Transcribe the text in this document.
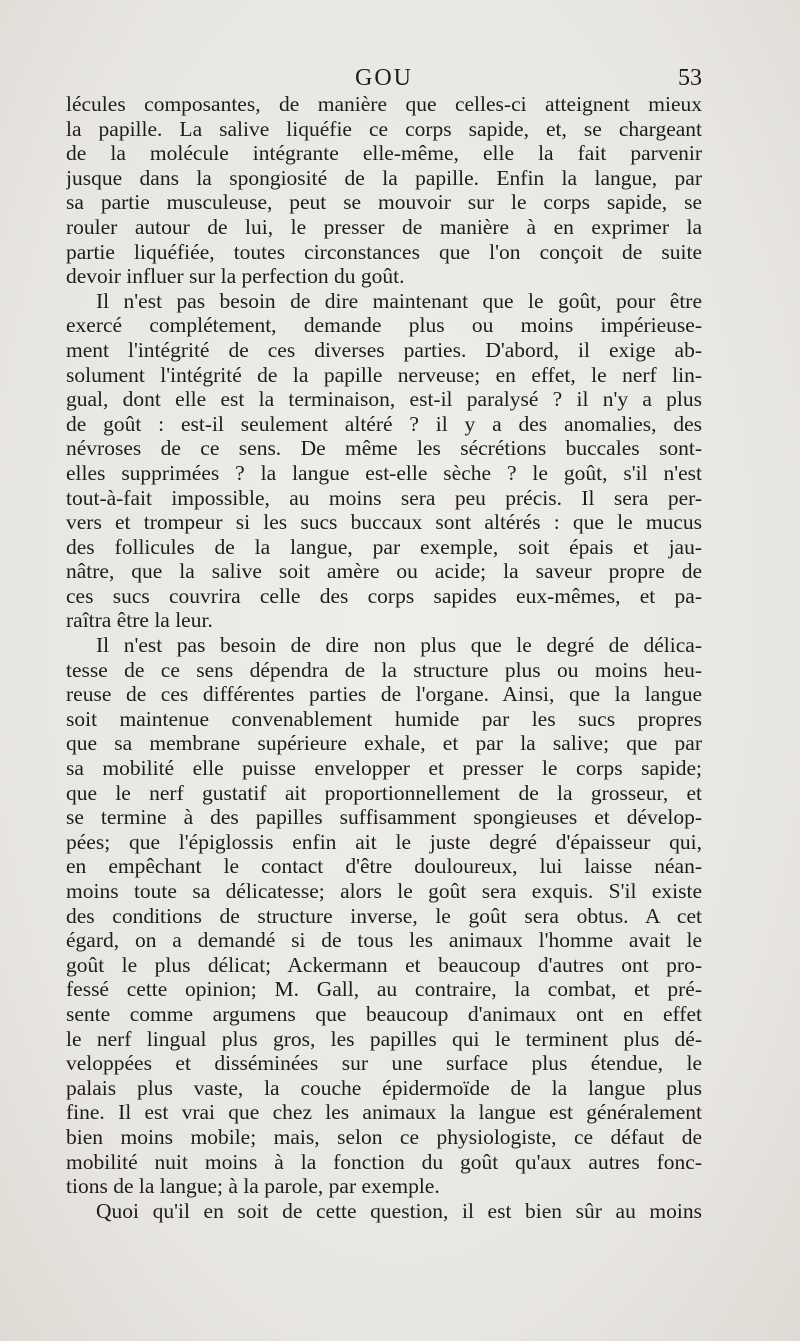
GOU	53
lécules composantes, de manière que celles-ci atteignent mieux
la papille. La salive liquéfie ce corps sapide, et, se chargeant
de la molécule intégrante elle-même, elle la fait parvenir
jusque dans la spongiosité de la papille. Enfin la langue, par
sa partie musculeuse, peut se mouvoir sur le corps sapide, se
rouler autour de lui, le presser de manière à en exprimer la
partie liquéfiée, toutes circonstances que l'on conçoit de suite
devoir influer sur la perfection du goût.
Il n'est pas besoin de dire maintenant que le goût, pour être
exercé complétement, demande plus ou moins impérieuse-
ment l'intégrité de ces diverses parties. D'abord, il exige ab-
solument l'intégrité de la papille nerveuse; en effet, le nerf lin-
gual, dont elle est la terminaison, est-il paralysé ? il n'y a plus
de goût : est-il seulement altéré ? il y a des anomalies, des
névroses de ce sens. De même les sécrétions buccales sont-
elles supprimées ? la langue est-elle sèche ? le goût, s'il n'est
tout-à-fait impossible, au moins sera peu précis. Il sera per-
vers et trompeur si les sucs buccaux sont altérés : que le mucus
des follicules de la langue, par exemple, soit épais et jau-
nâtre, que la salive soit amère ou acide; la saveur propre de
ces sucs couvrira celle des corps sapides eux-mêmes, et pa-
raîtra être la leur.
Il n'est pas besoin de dire non plus que le degré de délica-
tesse de ce sens dépendra de la structure plus ou moins heu-
reuse de ces différentes parties de l'organe. Ainsi, que la langue
soit maintenue convenablement humide par les sucs propres
que sa membrane supérieure exhale, et par la salive; que par
sa mobilité elle puisse envelopper et presser le corps sapide;
que le nerf gustatif ait proportionnellement de la grosseur, et
se termine à des papilles suffisamment spongieuses et dévelop-
pées; que l'épiglossis enfin ait le juste degré d'épaisseur qui,
en empêchant le contact d'être douloureux, lui laisse néan-
moins toute sa délicatesse; alors le goût sera exquis. S'il existe
des conditions de structure inverse, le goût sera obtus. A cet
égard, on a demandé si de tous les animaux l'homme avait le
goût le plus délicat; Ackermann et beaucoup d'autres ont pro-
fessé cette opinion; M. Gall, au contraire, la combat, et pré-
sente comme argumens que beaucoup d'animaux ont en effet
le nerf lingual plus gros, les papilles qui le terminent plus dé-
veloppées et disséminées sur une surface plus étendue, le
palais plus vaste, la couche épidermoïde de la langue plus
fine. Il est vrai que chez les animaux la langue est généralement
bien moins mobile; mais, selon ce physiologiste, ce défaut de
mobilité nuit moins à la fonction du goût qu'aux autres fonc-
tions de la langue; à la parole, par exemple.
Quoi qu'il en soit de cette question, il est bien sûr au moins
